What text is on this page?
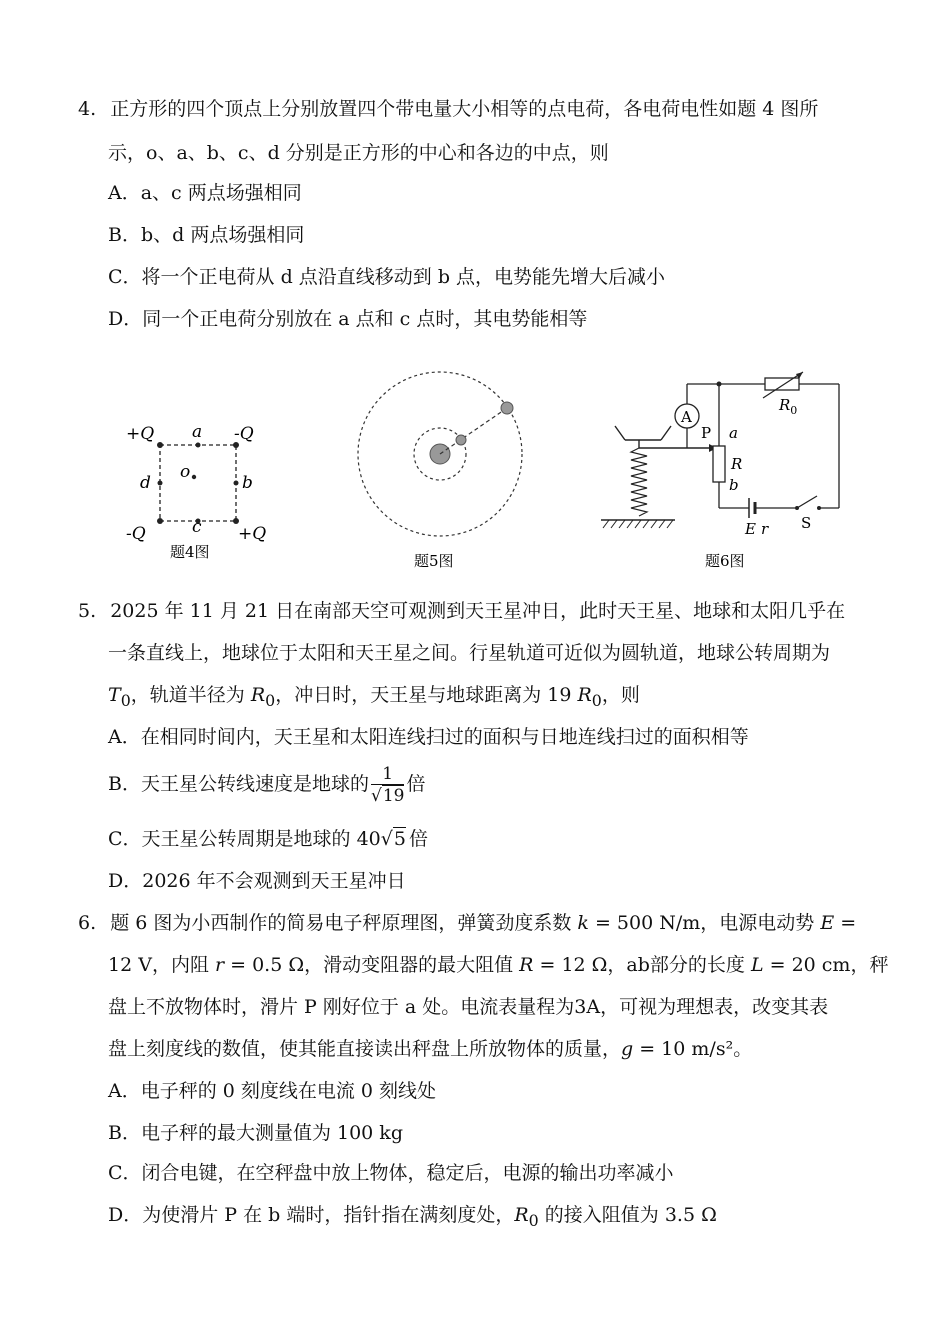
4. 正方形的四个顶点上分别放置四个带电量大小相等的点电荷，各电荷电性如题 4 图所
示，o、a、b、c、d 分别是正方形的中心和各边的中点，则
A．a、c 两点场强相同
B．b、d 两点场强相同
C．将一个正电荷从 d 点沿直线移动到 b 点，电势能先增大后减小
D．同一个正电荷分别放在 a 点和 c 点时，其电势能相等
+Q	-Q
-Q	+Q
a
b
c
d
o
题4图	题5图
A
$R_0$
P a
R
b
E r S
题6图
5. 2025 年 11 月 21 日在南部天空可观测到天王星冲日，此时天王星、地球和太阳几乎在
一条直线上，地球位于太阳和天王星之间。行星轨道可近似为圆轨道，地球公转周期为
$T_0$，轨道半径为 $R_0$，冲日时，天王星与地球距离为 19 $R_0$，则
A．在相同时间内，天王星和太阳连线扫过的面积与日地连线扫过的面积相等
B．天王星公转线速度是地球的 $\frac{1}{√19}$ 倍
C．天王星公转周期是地球的 40√5 倍
D．2026 年不会观测到天王星冲日
6. 题 6 图为小西制作的简易电子秤原理图，弹簧劲度系数 k = 500 N/m，电源电动势 E =
12 V，内阻 r = 0.5 Ω，滑动变阻器的最大阻值 R = 12 Ω，ab部分的长度 L = 20 cm，秤
盘上不放物体时，滑片 P 刚好位于 a 处。电流表量程为3A，可视为理想表，改变其表
盘上刻度线的数值，使其能直接读出秤盘上所放物体的质量，g = 10 m/s²。
A．电子秤的 0 刻度线在电流 0 刻线处
B．电子秤的最大测量值为 100 kg
C．闭合电键，在空秤盘中放上物体，稳定后，电源的输出功率减小
D．为使滑片 P 在 b 端时，指针指在满刻度处，$R_0$ 的接入阻值为 3.5 Ω
